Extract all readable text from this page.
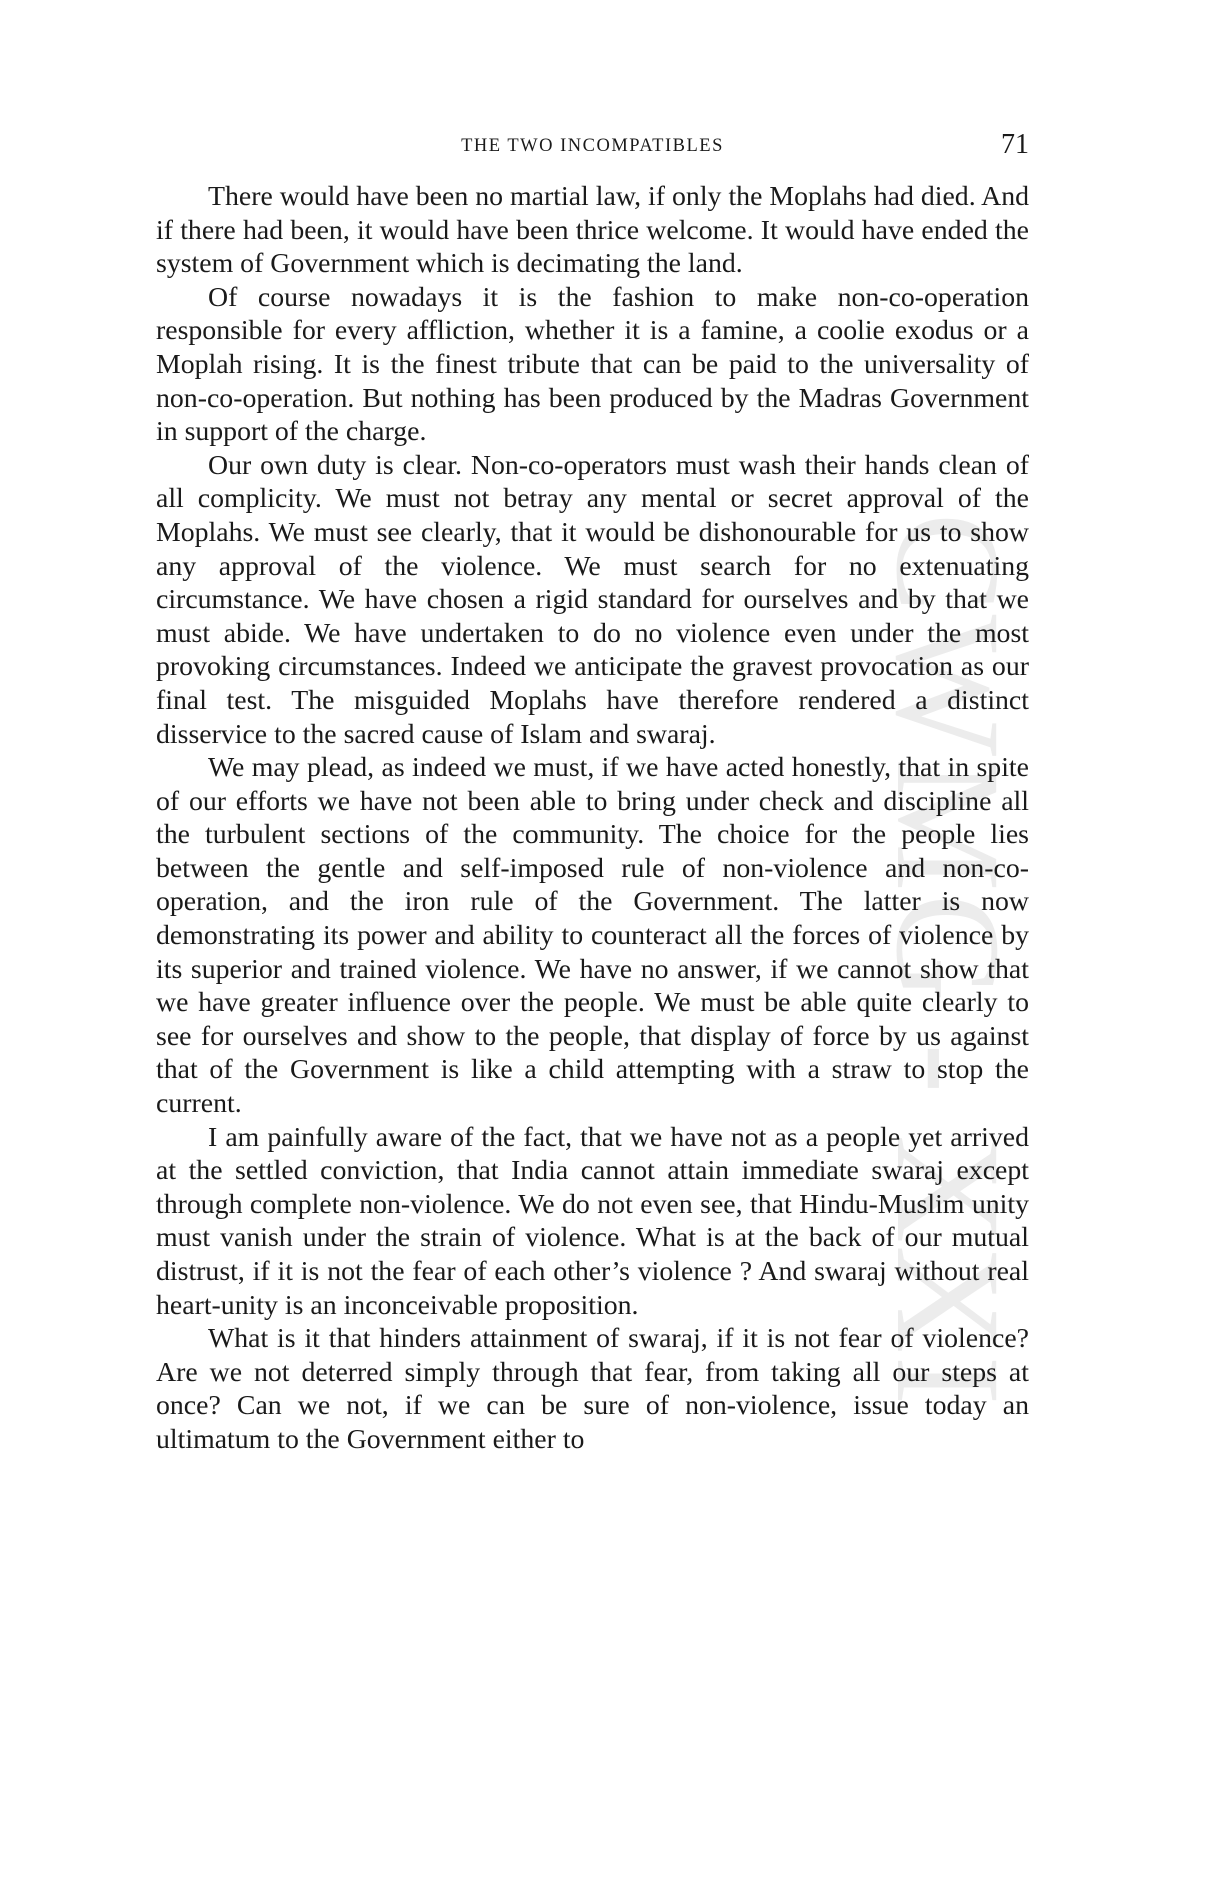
CWMG - XXI
THE TWO INCOMPATIBLES	71

There would have been no martial law, if only the Moplahs had died. And if there had been, it would have been thrice welcome. It would have ended the system of Government which is decimating the land.

Of course nowadays it is the fashion to make non-co-operation responsible for every affliction, whether it is a famine, a coolie exodus or a Moplah rising. It is the finest tribute that can be paid to the universality of non-co-operation. But nothing has been produced by the Madras Government in support of the charge.

Our own duty is clear. Non-co-operators must wash their hands clean of all complicity. We must not betray any mental or secret approval of the Moplahs. We must see clearly, that it would be dishonourable for us to show any approval of the violence. We must search for no extenuating circumstance. We have chosen a rigid standard for ourselves and by that we must abide. We have undertaken to do no violence even under the most provoking circumstances. Indeed we anticipate the gravest provocation as our final test. The misguided Moplahs have therefore rendered a distinct disservice to the sacred cause of Islam and swaraj.

We may plead, as indeed we must, if we have acted honestly, that in spite of our efforts we have not been able to bring under check and discipline all the turbulent sections of the community. The choice for the people lies between the gentle and self-imposed rule of non-violence and non-co-operation, and the iron rule of the Government. The latter is now demonstrating its power and ability to counteract all the forces of violence by its superior and trained violence. We have no answer, if we cannot show that we have greater influence over the people. We must be able quite clearly to see for ourselves and show to the people, that display of force by us against that of the Government is like a child attempting with a straw to stop the current.

I am painfully aware of the fact, that we have not as a people yet arrived at the settled conviction, that India cannot attain immediate swaraj except through complete non-violence. We do not even see, that Hindu-Muslim unity must vanish under the strain of violence. What is at the back of our mutual distrust, if it is not the fear of each other’s violence ? And swaraj without real heart-unity is an inconceivable proposition.

What is it that hinders attainment of swaraj, if it is not fear of violence? Are we not deterred simply through that fear, from taking all our steps at once? Can we not, if we can be sure of non-violence, issue today an ultimatum to the Government either to
